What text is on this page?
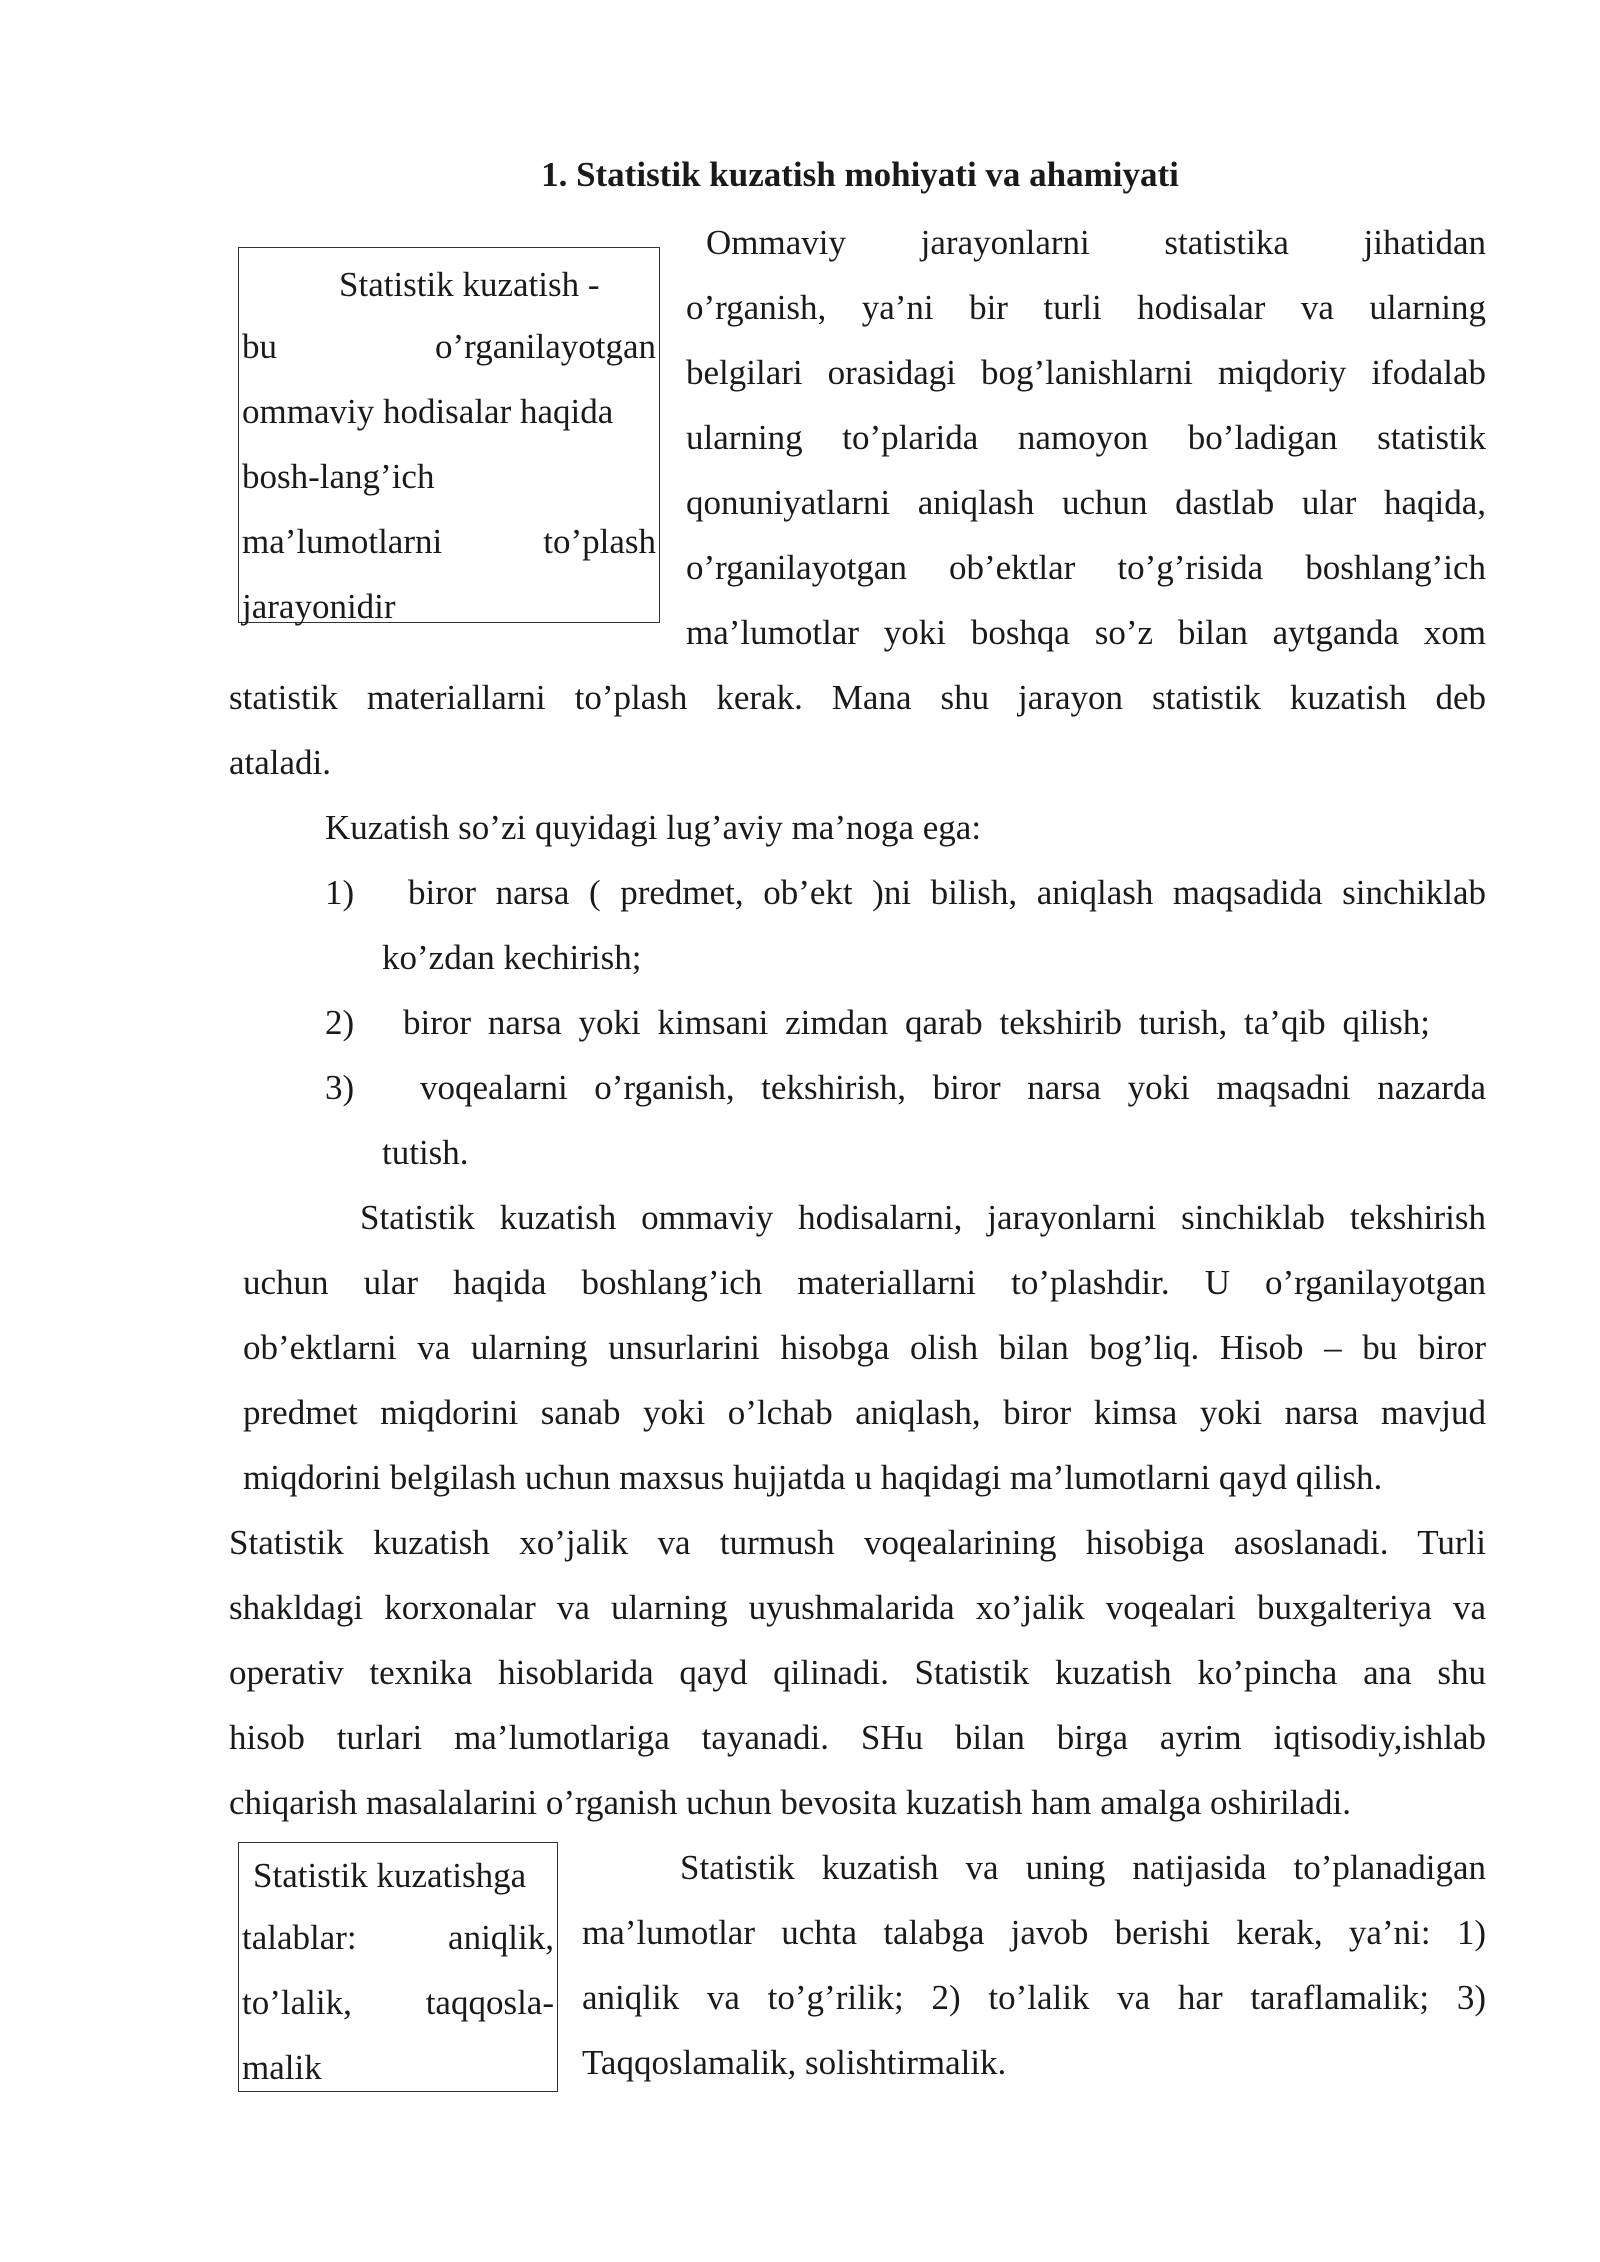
1. Statistik kuzatish mohiyati va ahamiyati
Statistik kuzatish -
bu	o’rganilayotgan
ommaviy hodisalar haqida
bosh-lang’ich
ma’lumotlarni	to’plash
jarayonidir
Ommaviy jarayonlarni statistika jihatidan
o’rganish, ya’ni bir turli hodisalar va ularning
belgilari orasidagi bog’lanishlarni miqdoriy ifodalab
ularning to’plarida namoyon bo’ladigan statistik
qonuniyatlarni aniqlash uchun dastlab ular haqida,
o’rganilayotgan ob’ektlar to’g’risida boshlang’ich
ma’lumotlar yoki boshqa so’z bilan aytganda xom
statistik materiallarni to’plash kerak. Mana shu jarayon statistik kuzatish deb
ataladi.
Kuzatish so’zi quyidagi lug’aviy ma’noga ega:
1) biror narsa ( predmet, ob’ekt )ni bilish, aniqlash maqsadida sinchiklab
ko’zdan kechirish;
2) biror narsa yoki kimsani zimdan qarab tekshirib turish, ta’qib qilish;
3) voqealarni o’rganish, tekshirish, biror narsa yoki maqsadni nazarda
tutish.
Statistik kuzatish ommaviy hodisalarni, jarayonlarni sinchiklab tekshirish
uchun ular haqida boshlang’ich materiallarni to’plashdir. U o’rganilayotgan
ob’ektlarni va ularning unsurlarini hisobga olish bilan bog’liq. Hisob – bu biror
predmet miqdorini sanab yoki o’lchab aniqlash, biror kimsa yoki narsa mavjud
miqdorini belgilash uchun maxsus hujjatda u haqidagi ma’lumotlarni qayd qilish.
Statistik kuzatish xo’jalik va turmush voqealarining hisobiga asoslanadi. Turli
shakldagi korxonalar va ularning uyushmalarida xo’jalik voqealari buxgalteriya va
operativ texnika hisoblarida qayd qilinadi. Statistik kuzatish ko’pincha ana shu
hisob turlari ma’lumotlariga tayanadi. SHu bilan birga ayrim iqtisodiy,ishlab
chiqarish masalalarini o’rganish uchun bevosita kuzatish ham amalga oshiriladi.
Statistik kuzatishga
talablar:	aniqlik,
to’lalik, taqqosla-
malik
Statistik kuzatish va uning natijasida to’planadigan
ma’lumotlar uchta talabga javob berishi kerak, ya’ni: 1)
aniqlik va to’g’rilik; 2) to’lalik va har taraflamalik; 3)
Taqqoslamalik, solishtirmalik.
